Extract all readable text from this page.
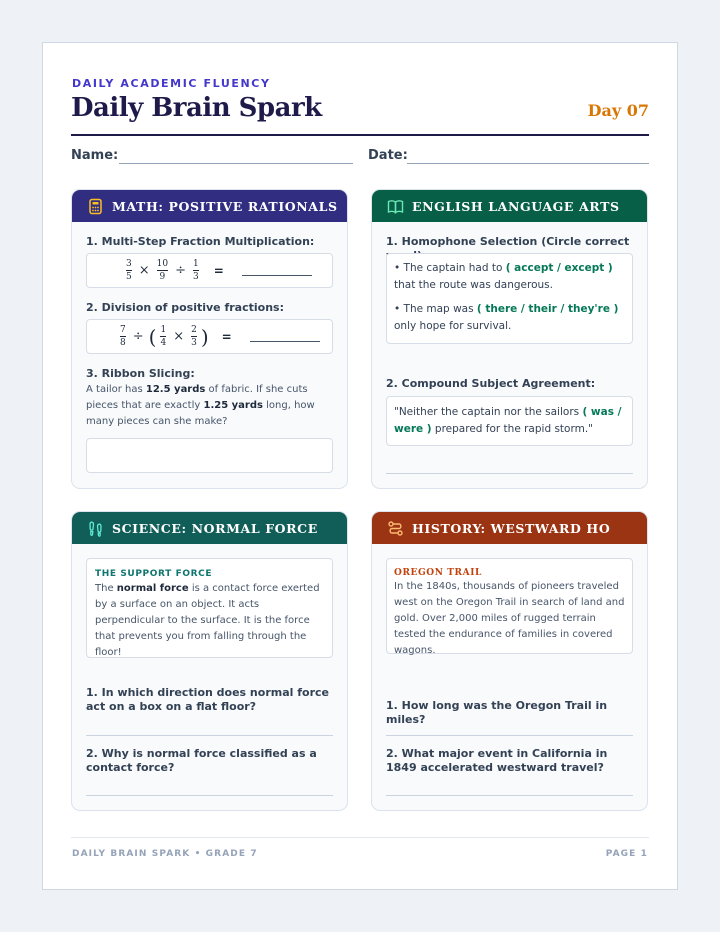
DAILY ACADEMIC FLUENCY
Daily Brain Spark	Day 07
Name:	Date:
MATH: POSITIVE RATIONALS
1. Multi-Step Fraction Multiplication:
$\frac{3}{5} \times \frac{10}{9} \div \frac{1}{3}$ =
2. Division of positive fractions:
$\frac{7}{8}$ ÷ ( $\frac{1}{4} \times \frac{2}{3}$ ) =
3. Ribbon Slicing:
A tailor has 12.5 yards of fabric. If she cuts pieces that are exactly 1.25 yards long, how many pieces can she make?
ENGLISH LANGUAGE ARTS
1. Homophone Selection (Circle correct
• The captain had to ( accept / except ) that the route was dangerous.
• The map was ( there / their / they're ) only hope for survival.
2. Compound Subject Agreement:
"Neither the captain nor the sailors ( was / were ) prepared for the rapid storm."
SCIENCE: NORMAL FORCE
THE SUPPORT FORCE
The normal force is a contact force exerted by a surface on an object. It acts perpendicular to the surface. It is the force that prevents you from falling through the floor!
1. In which direction does normal force act on a box on a flat floor?
2. Why is normal force classified as a contact force?
HISTORY: WESTWARD HO
OREGON TRAIL
In the 1840s, thousands of pioneers traveled west on the Oregon Trail in search of land and gold. Over 2,000 miles of rugged terrain tested the endurance of families in covered wagons.
1. How long was the Oregon Trail in miles?
2. What major event in California in 1849 accelerated westward travel?
DAILY BRAIN SPARK • GRADE 7	PAGE 1
